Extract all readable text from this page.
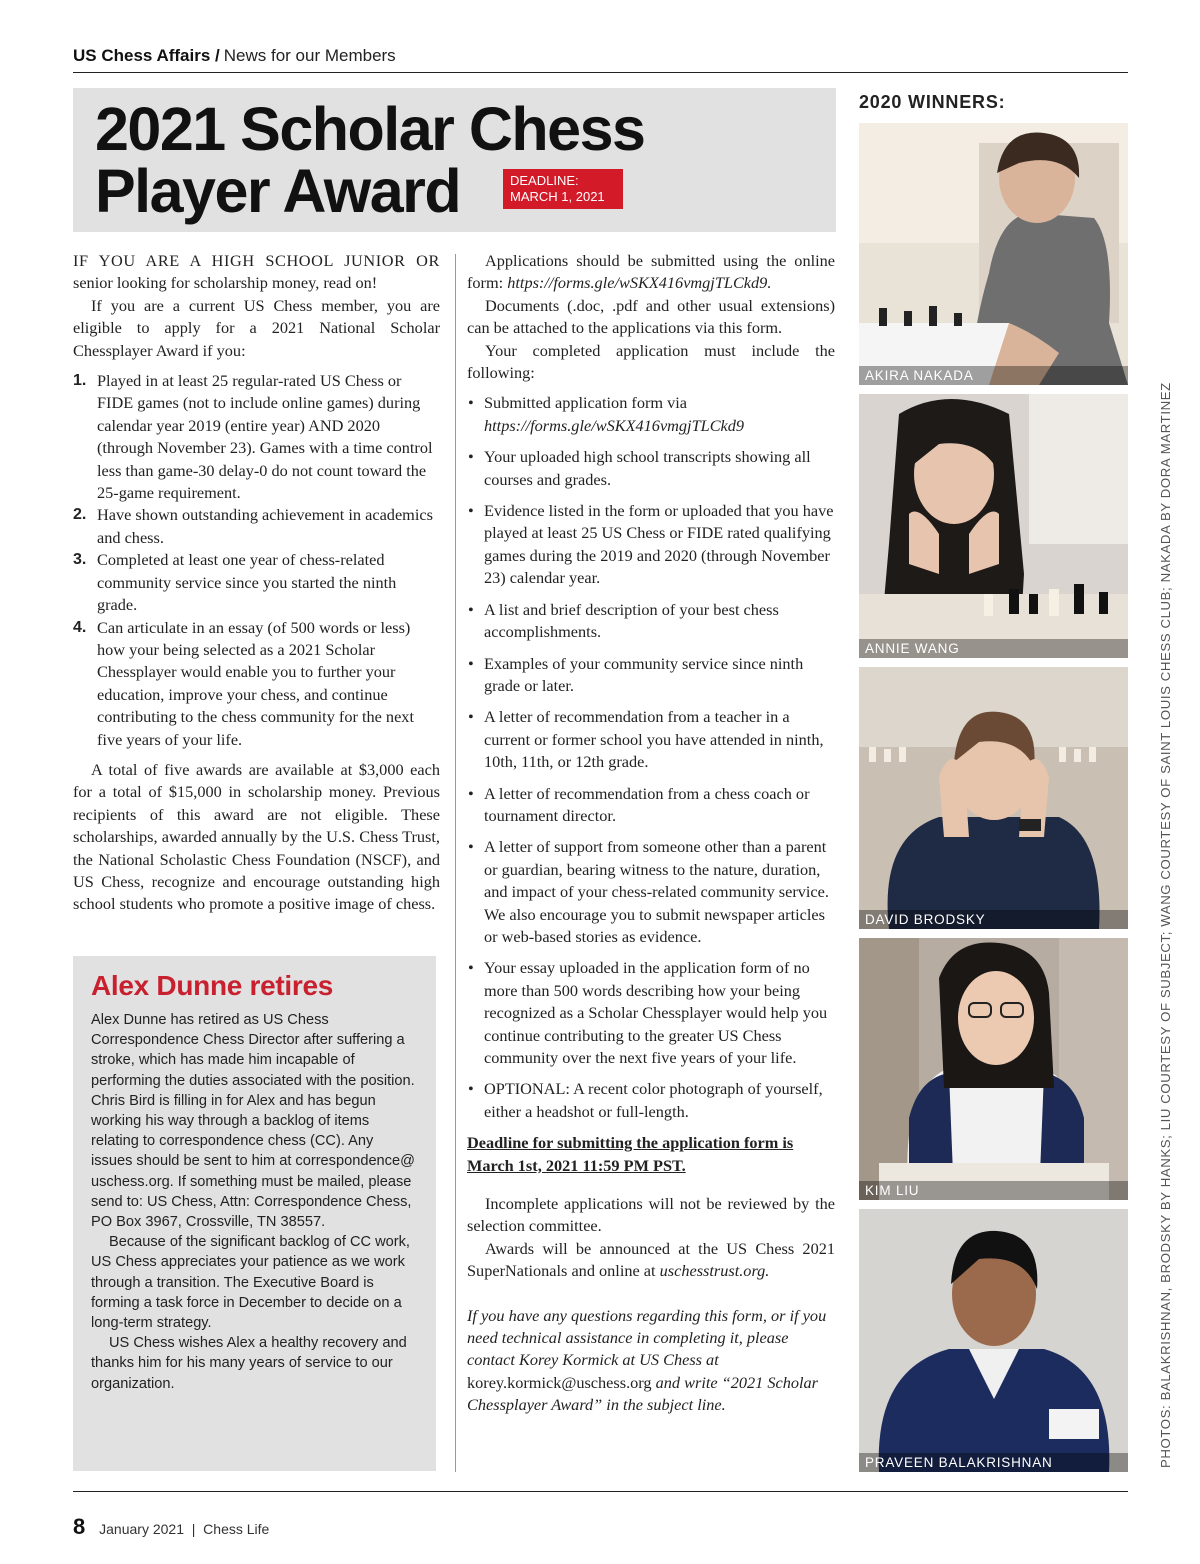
US Chess Affairs / News for our Members
2021 Scholar Chess
Player Award	DEADLINE:
MARCH 1, 2021

IF YOU ARE A HIGH SCHOOL JUNIOR OR senior looking for scholarship money, read on!

If you are a current US Chess member, you are eligible to apply for a 2021 National Scholar Chessplayer Award if you:

1. Played in at least 25 regular-rated US Chess or FIDE games (not to include online games) during calendar year 2019 (entire year) AND 2020 (through November 23). Games with a time control less than game-30 delay-0 do not count toward the 25-game requirement.
2. Have shown outstanding achievement in academics and chess.
3. Completed at least one year of chess-related community service since you started the ninth grade.
4. Can articulate in an essay (of 500 words or less) how your being selected as a 2021 Scholar Chessplayer would enable you to further your education, improve your chess, and continue contributing to the chess community for the next five years of your life.

A total of five awards are available at $3,000 each for a total of $15,000 in scholarship money. Previous recipients of this award are not eligible. These scholarships, awarded annually by the U.S. Chess Trust, the National Scholastic Chess Foundation (NSCF), and US Chess, recognize and encourage outstanding high school students who promote a positive image of chess.

Applications should be submitted using the online form: https://forms.gle/wSKX416vmgjTLCkd9.

Documents (.doc, .pdf and other usual extensions) can be attached to the applications via this form.

Your completed application must include the following:

• Submitted application form via https://forms.gle/wSKX416vmgjTLCkd9
• Your uploaded high school transcripts showing all courses and grades.
• Evidence listed in the form or uploaded that you have played at least 25 US Chess or FIDE rated qualifying games during the 2019 and 2020 (through November 23) calendar year.
• A list and brief description of your best chess accomplishments.
• Examples of your community service since ninth grade or later.
• A letter of recommendation from a teacher in a current or former school you have attended in ninth, 10th, 11th, or 12th grade.
• A letter of recommendation from a chess coach or tournament director.
• A letter of support from someone other than a parent or guardian, bearing witness to the nature, duration, and impact of your chess-related community service. We also encourage you to submit newspaper articles or web-based stories as evidence.
• Your essay uploaded in the application form of no more than 500 words describing how your being recognized as a Scholar Chessplayer would help you continue contributing to the greater US Chess community over the next five years of your life.
• OPTIONAL: A recent color photograph of yourself, either a headshot or full-length.

Deadline for submitting the application form is March 1st, 2021 11:59 PM PST.

Incomplete applications will not be reviewed by the selection committee.

Awards will be announced at the US Chess 2021 SuperNationals and online at uschesstrust.org.

If you have any questions regarding this form, or if you need technical assistance in completing it, please contact Korey Kormick at US Chess at korey.kormick@uschess.org and write “2021 Scholar Chessplayer Award” in the subject line.

Alex Dunne retires

Alex Dunne has retired as US Chess Correspondence Chess Director after suffering a stroke, which has made him incapable of performing the duties associated with the position. Chris Bird is filling in for Alex and has begun working his way through a backlog of items relating to correspondence chess (CC). Any issues should be sent to him at correspondence@ uschess.org. If something must be mailed, please send to: US Chess, Attn: Correspondence Chess, PO Box 3967, Crossville, TN 38557.

Because of the significant backlog of CC work, US Chess appreciates your patience as we work through a transition. The Executive Board is forming a task force in December to decide on a long-term strategy.

US Chess wishes Alex a healthy recovery and thanks him for his many years of service to our organization.

2020 WINNERS:
AKIRA NAKADA
ANNIE WANG
DAVID BRODSKY
KIM LIU
PRAVEEN BALAKRISHNAN	PHOTOS: BALAKRISHNAN, BRODSKY BY HANKS; LIU COURTESY OF SUBJECT; WANG COURTESY OF SAINT LOUIS CHESS CLUB; NAKADA BY DORA MARTINEZ
8 January 2021  |  Chess Life
